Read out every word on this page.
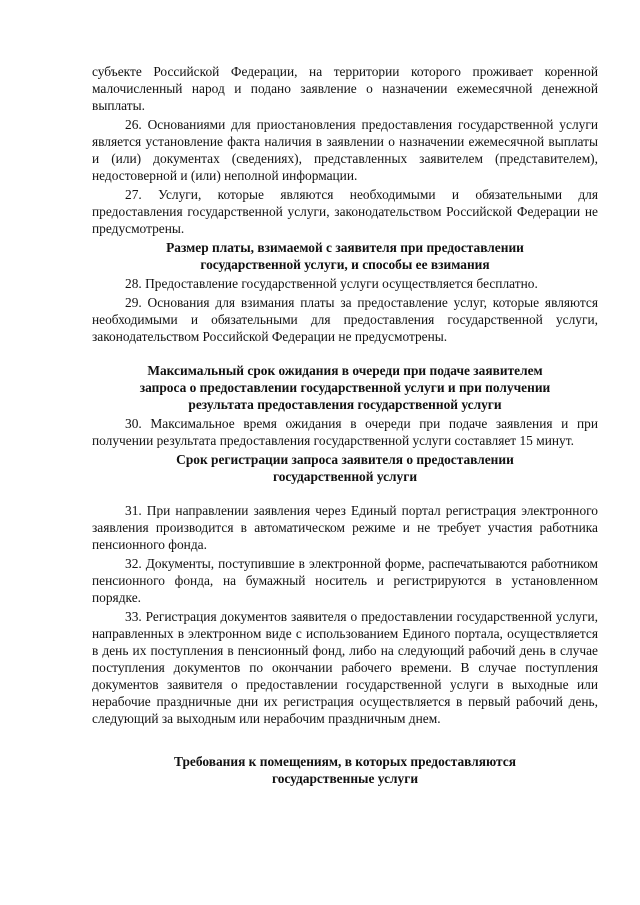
субъекте Российской Федерации, на территории которого проживает коренной малочисленный народ и подано заявление о назначении ежемесячной денежной выплаты.

26. Основаниями для приостановления предоставления государственной услуги является установление факта наличия в заявлении о назначении ежемесячной выплаты и (или) документах (сведениях), представленных заявителем (представителем), недостоверной и (или) неполной информации.

27. Услуги, которые являются необходимыми и обязательными для предоставления государственной услуги, законодательством Российской Федерации не предусмотрены.

Размер платы, взимаемой с заявителя при предоставлении
государственной услуги, и способы ее взимания

28. Предоставление государственной услуги осуществляется бесплатно.

29. Основания для взимания платы за предоставление услуг, которые являются необходимыми и обязательными для предоставления государственной услуги, законодательством Российской Федерации не предусмотрены.

Максимальный срок ожидания в очереди при подаче заявителем
запроса о предоставлении государственной услуги и при получении
результата предоставления государственной услуги

30. Максимальное время ожидания в очереди при подаче заявления и при получении результата предоставления государственной услуги составляет 15 минут.

Срок регистрации запроса заявителя о предоставлении
государственной услуги

31. При направлении заявления через Единый портал регистрация электронного заявления производится в автоматическом режиме и не требует участия работника пенсионного фонда.

32. Документы, поступившие в электронной форме, распечатываются работником пенсионного фонда, на бумажный носитель и регистрируются в установленном порядке.

33. Регистрация документов заявителя о предоставлении государственной услуги, направленных в электронном виде с использованием Единого портала, осуществляется в день их поступления в пенсионный фонд, либо на следующий рабочий день в случае поступления документов по окончании рабочего времени. В случае поступления документов заявителя о предоставлении государственной услуги в выходные или нерабочие праздничные дни их регистрация осуществляется в первый рабочий день, следующий за выходным или нерабочим праздничным днем.

Требования к помещениям, в которых предоставляются
государственные услуги
